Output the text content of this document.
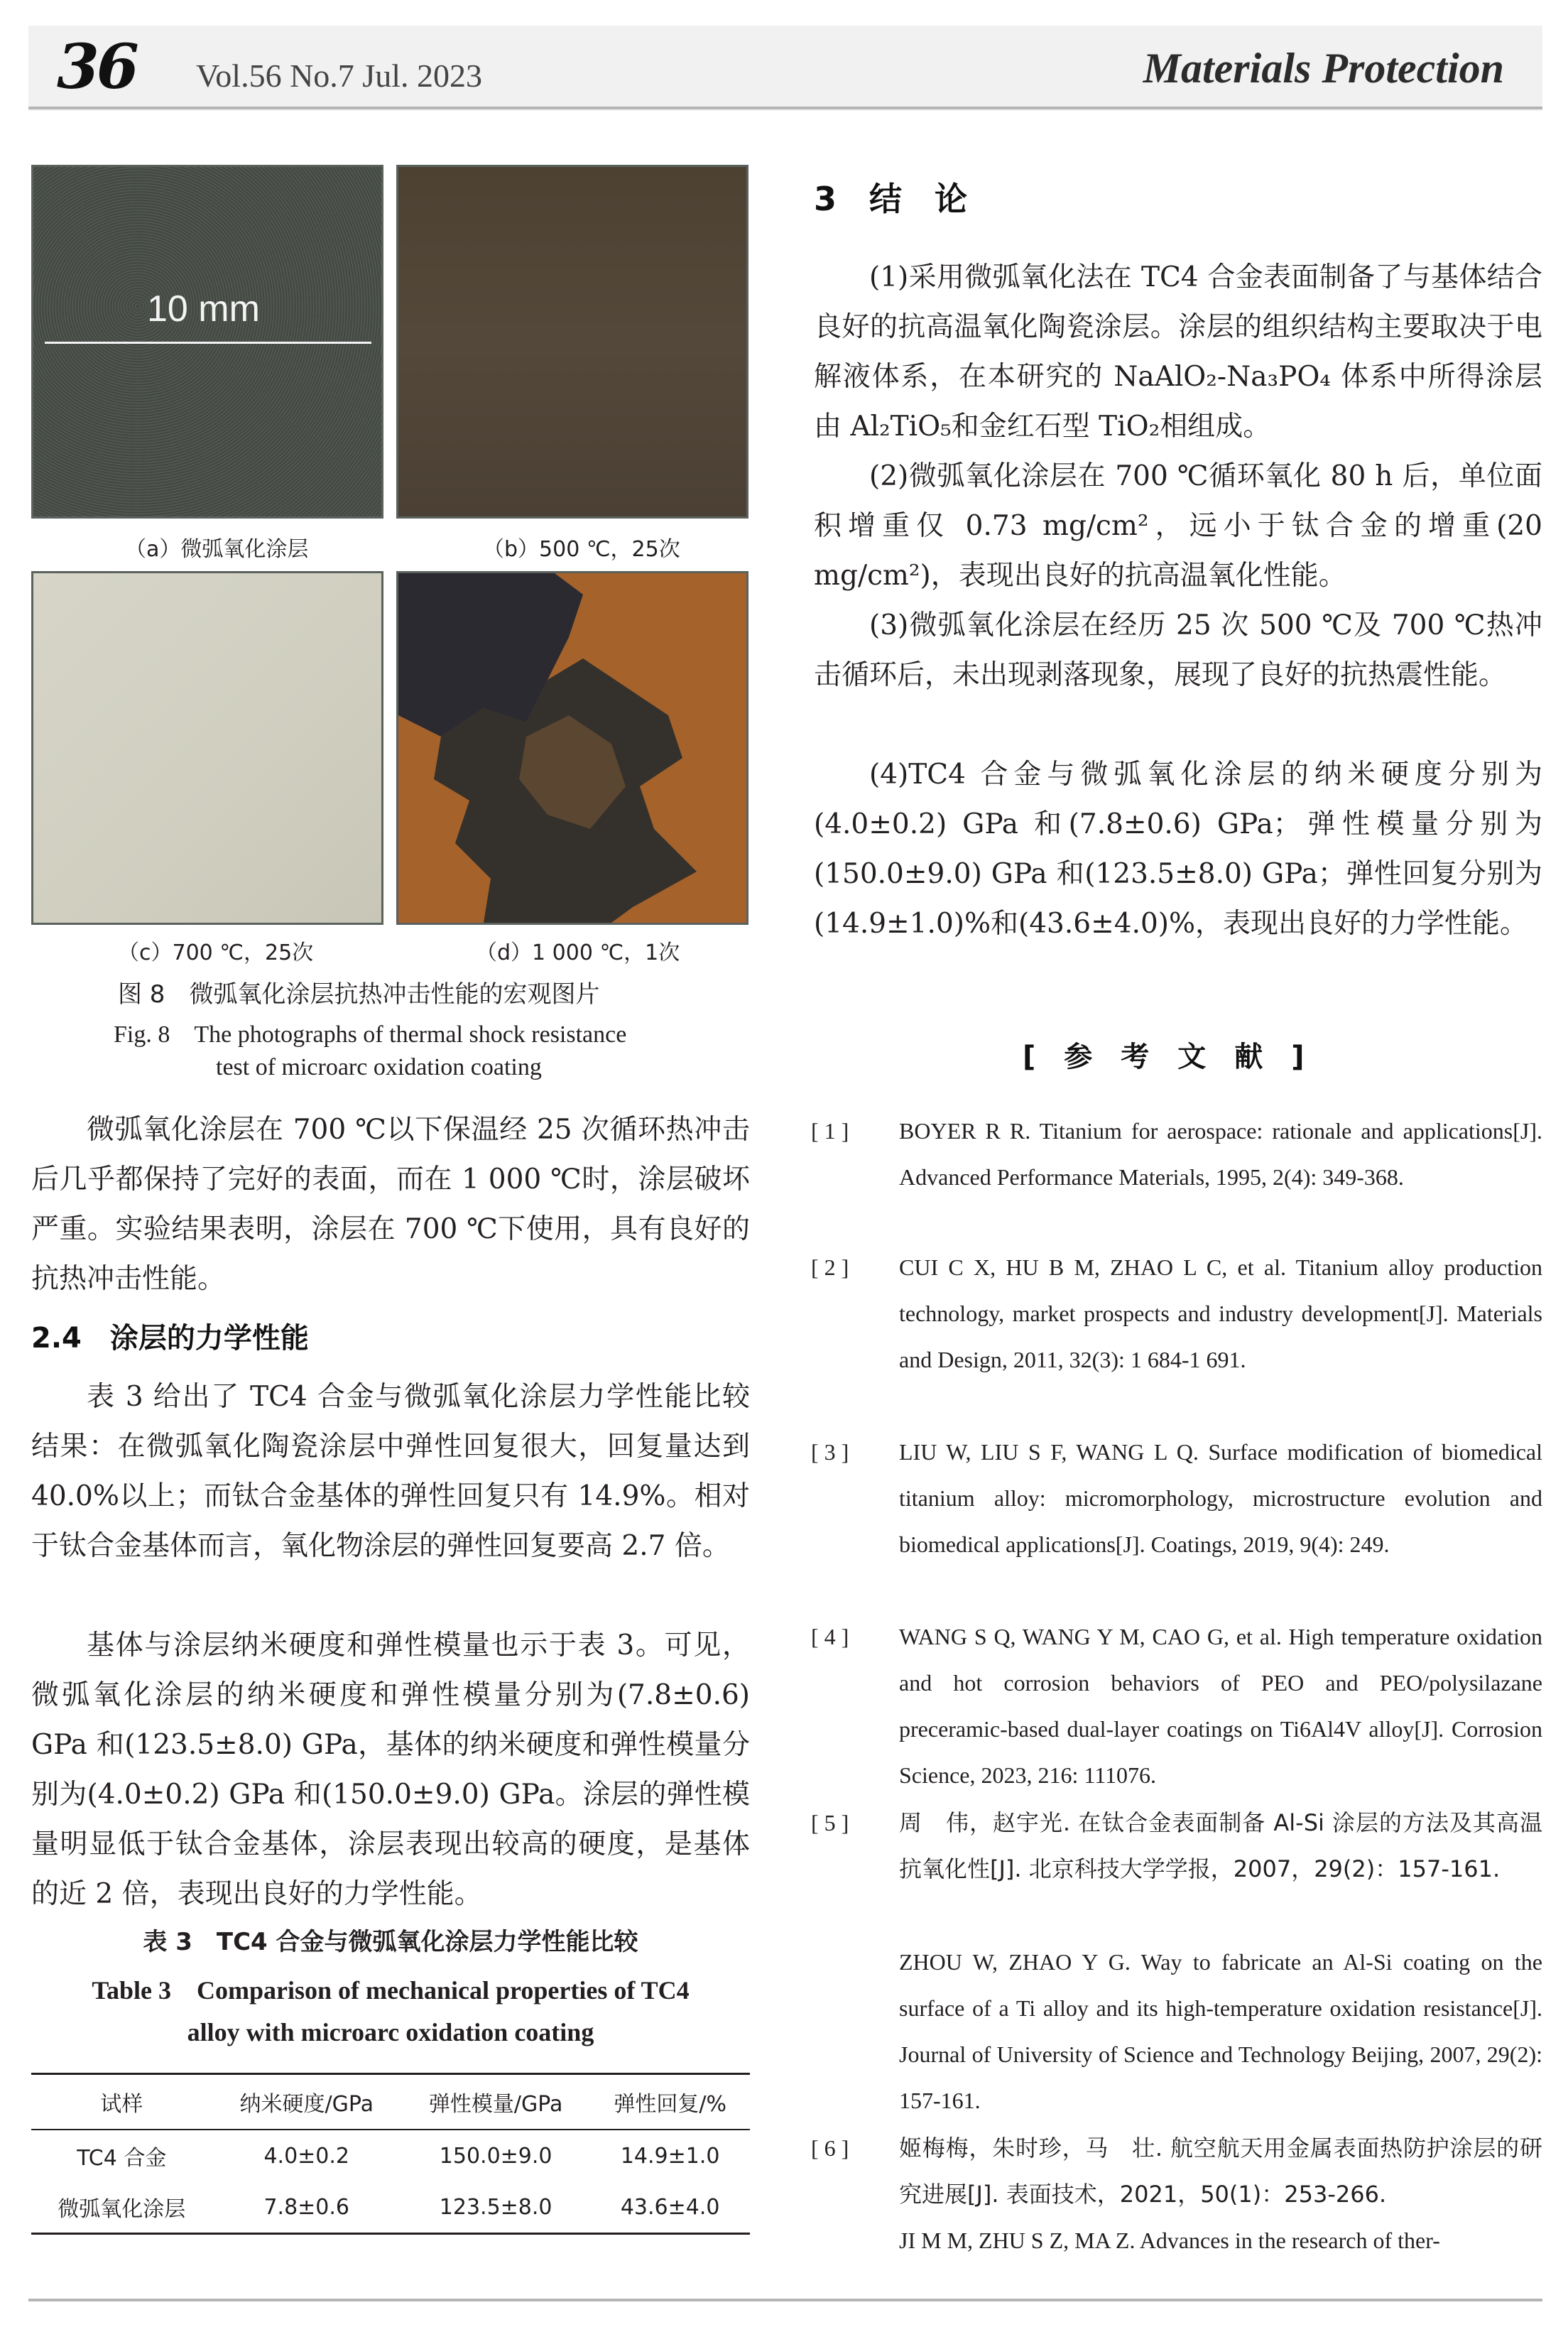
36 Vol.56 No.7 Jul. 2023	Materials Protection
10 mm
（a）微弧氧化涂层	（b）500 ℃，25次
（c）700 ℃，25次	（d）1 000 ℃，1次
图 8　微弧氧化涂层抗热冲击性能的宏观图片
Fig. 8　The photographs of thermal shock resistance
test of microarc oxidation coating

微弧氧化涂层在 700 ℃以下保温经 25 次循环热冲击后几乎都保持了完好的表面，而在 1 000 ℃时，涂层破坏严重。实验结果表明，涂层在 700 ℃下使用，具有良好的抗热冲击性能。

2.4　涂层的力学性能

表 3 给出了 TC4 合金与微弧氧化涂层力学性能比较结果：在微弧氧化陶瓷涂层中弹性回复很大，回复量达到 40.0%以上；而钛合金基体的弹性回复只有 14.9%。相对于钛合金基体而言，氧化物涂层的弹性回复要高 2.7 倍。

基体与涂层纳米硬度和弹性模量也示于表 3。可见，微弧氧化涂层的纳米硬度和弹性模量分别为(7.8±0.6) GPa 和(123.5±8.0) GPa，基体的纳米硬度和弹性模量分别为(4.0±0.2) GPa 和(150.0±9.0) GPa。涂层的弹性模量明显低于钛合金基体，涂层表现出较高的硬度，是基体的近 2 倍，表现出良好的力学性能。

表 3　TC4 合金与微弧氧化涂层力学性能比较
Table 3　Comparison of mechanical properties of TC4
alloy with microarc oxidation coating
试样	纳米硬度/GPa	弹性模量/GPa	弹性回复/%
TC4 合金	4.0±0.2	150.0±9.0	14.9±1.0
微弧氧化涂层	7.8±0.6	123.5±8.0	43.6±4.0
3　结　论

(1)采用微弧氧化法在 TC4 合金表面制备了与基体结合良好的抗高温氧化陶瓷涂层。涂层的组织结构主要取决于电解液体系，在本研究的 NaAlO₂-Na₃PO₄ 体系中所得涂层由 Al₂TiO₅和金红石型 TiO₂相组成。

(2)微弧氧化涂层在 700 ℃循环氧化 80 h 后，单位面积增重仅 0.73 mg/cm²，远小于钛合金的增重(20 mg/cm²)，表现出良好的抗高温氧化性能。

(3)微弧氧化涂层在经历 25 次 500 ℃及 700 ℃热冲击循环后，未出现剥落现象，展现了良好的抗热震性能。

(4)TC4 合金与微弧氧化涂层的纳米硬度分别为(4.0±0.2) GPa 和(7.8±0.6) GPa；弹性模量分别为(150.0±9.0) GPa 和(123.5±8.0) GPa；弹性回复分别为(14.9±1.0)%和(43.6±4.0)%，表现出良好的力学性能。

[　参　考　文　献　]
[ 1 ] BOYER R R. Titanium for aerospace: rationale and applications[J]. Advanced Performance Materials, 1995, 2(4): 349-368.

[ 2 ] CUI C X, HU B M, ZHAO L C, et al. Titanium alloy production technology, market prospects and industry development[J]. Materials and Design, 2011, 32(3): 1 684-1 691.

[ 3 ] LIU W, LIU S F, WANG L Q. Surface modification of biomedical titanium alloy: micromorphology, microstructure evolution and biomedical applications[J]. Coatings, 2019, 9(4): 249.

[ 4 ] WANG S Q, WANG Y M, CAO G, et al. High temperature oxidation and hot corrosion behaviors of PEO and PEO/polysilazane preceramic-based dual-layer coatings on Ti6Al4V alloy[J]. Corrosion Science, 2023, 216: 111076.

[ 5 ] 周　伟，赵宇光. 在钛合金表面制备 Al-Si 涂层的方法及其高温抗氧化性[J]. 北京科技大学学报，2007，29(2)：157-161.

ZHOU W, ZHAO Y G. Way to fabricate an Al-Si coating on the surface of a Ti alloy and its high-temperature oxidation resistance[J]. Journal of University of Science and Technology Beijing, 2007, 29(2): 157-161.

[ 6 ] 姬梅梅，朱时珍，马　壮. 航空航天用金属表面热防护涂层的研究进展[J]. 表面技术，2021，50(1)：253-266.

JI M M, ZHU S Z, MA Z. Advances in the research of ther-
